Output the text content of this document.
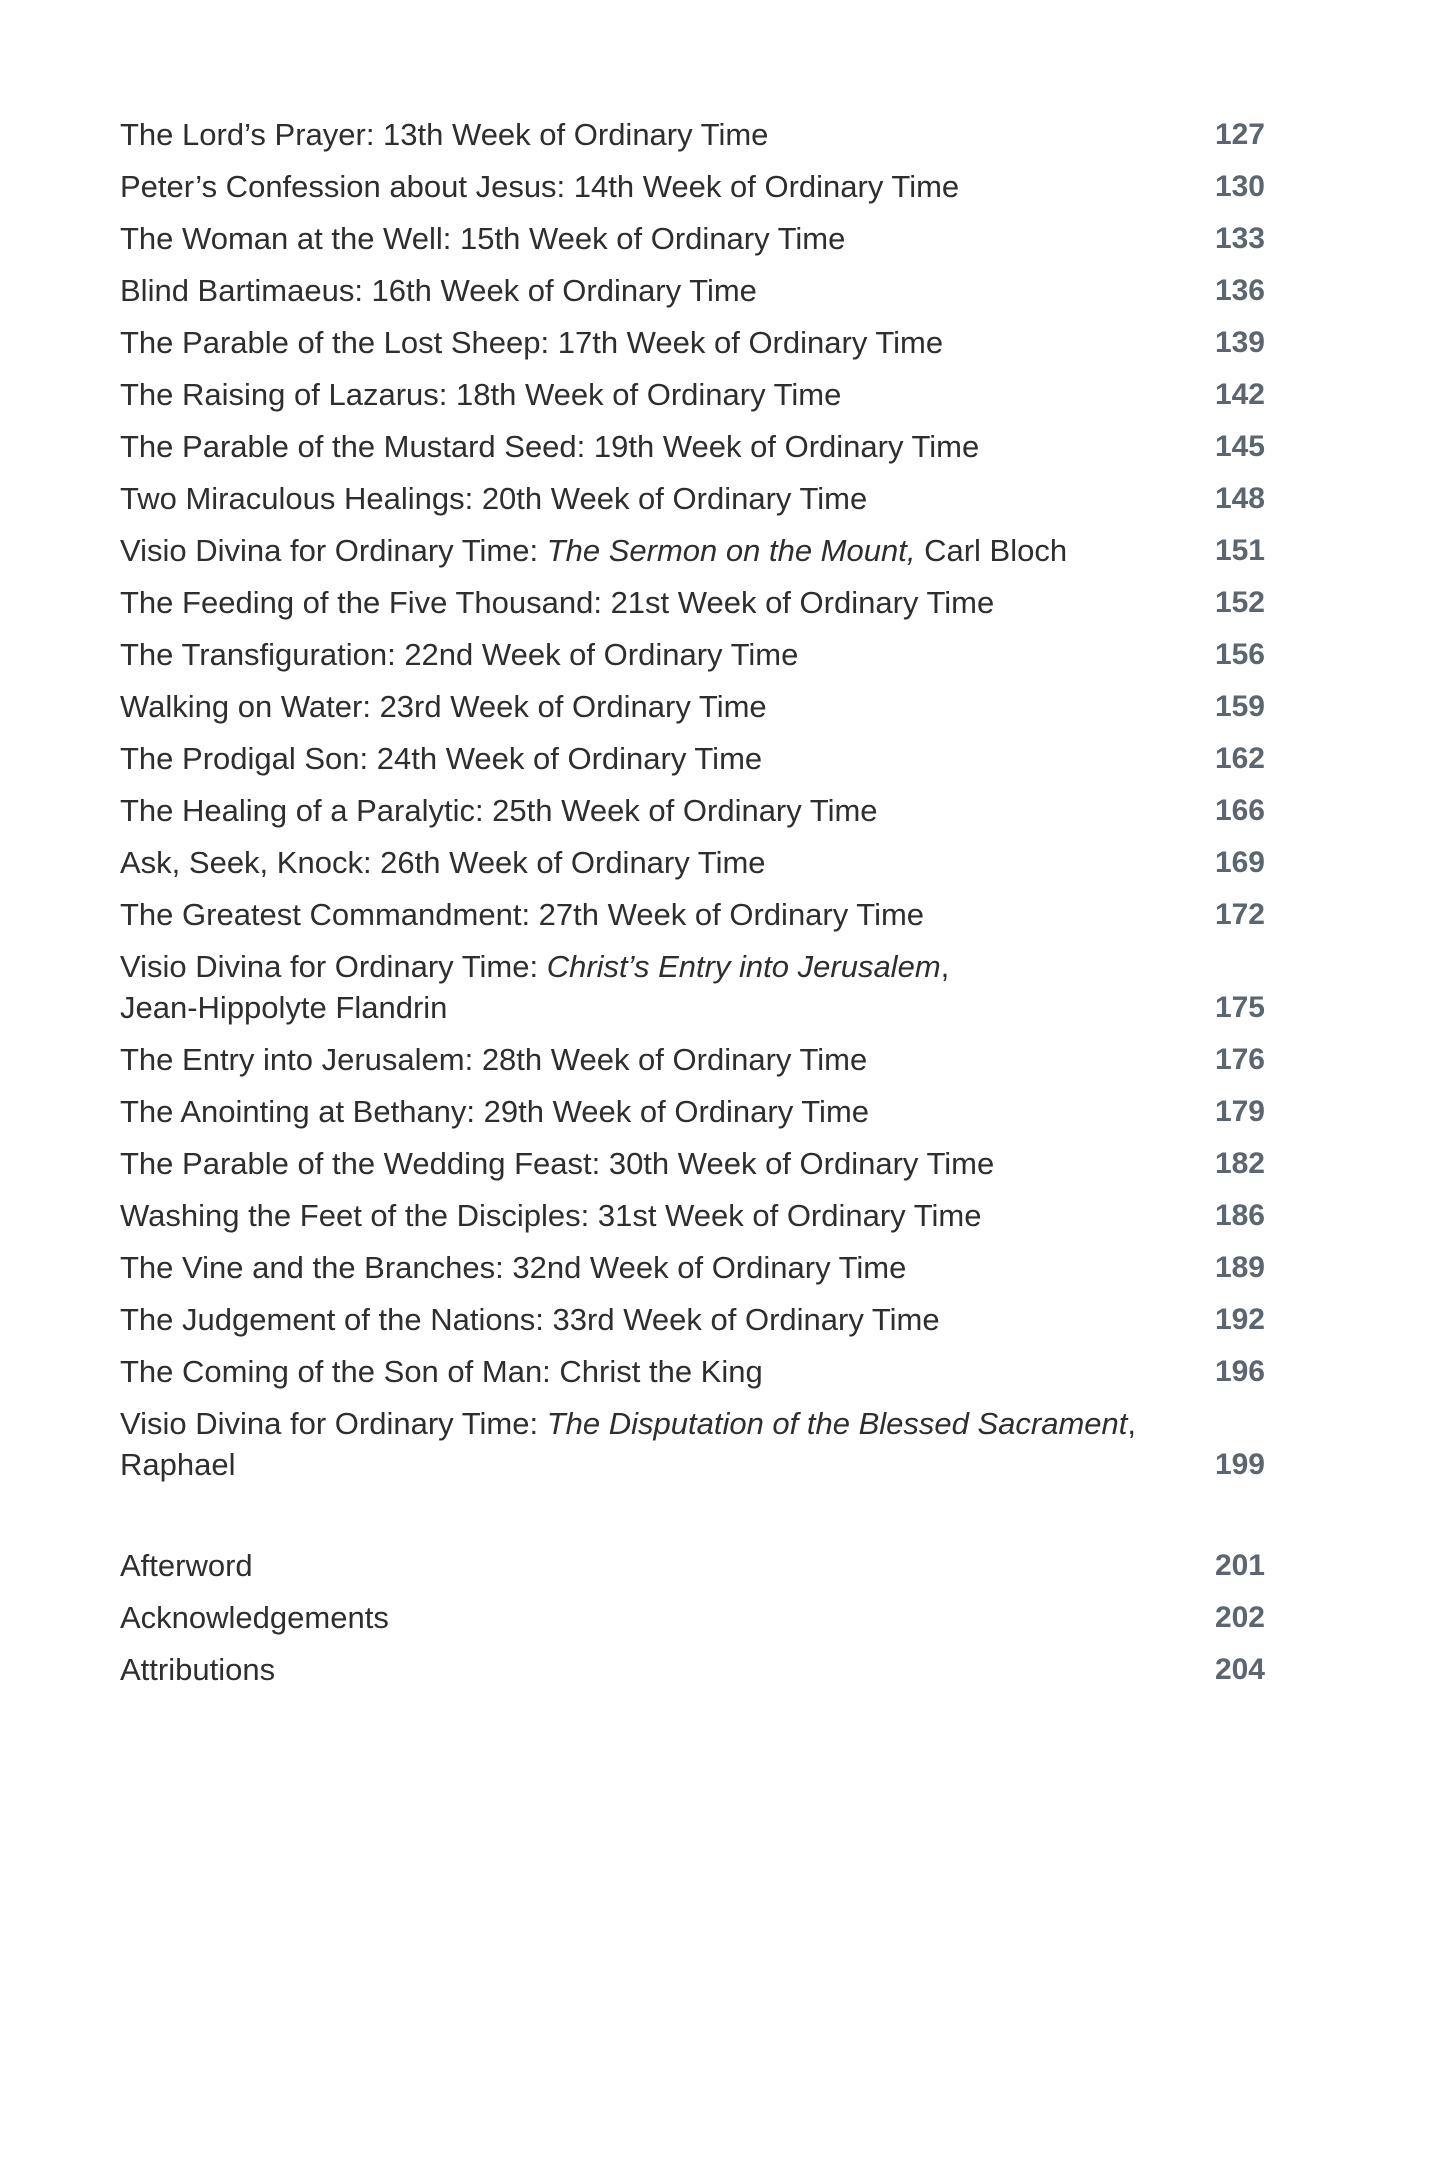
The Lord’s Prayer: 13th Week of Ordinary Time	127
Peter’s Confession about Jesus: 14th Week of Ordinary Time	130
The Woman at the Well: 15th Week of Ordinary Time	133
Blind Bartimaeus: 16th Week of Ordinary Time	136
The Parable of the Lost Sheep: 17th Week of Ordinary Time	139
The Raising of Lazarus: 18th Week of Ordinary Time	142
The Parable of the Mustard Seed: 19th Week of Ordinary Time	145
Two Miraculous Healings: 20th Week of Ordinary Time	148
Visio Divina for Ordinary Time: The Sermon on the Mount, Carl Bloch	151
The Feeding of the Five Thousand: 21st Week of Ordinary Time	152
The Transfiguration: 22nd Week of Ordinary Time	156
Walking on Water: 23rd Week of Ordinary Time	159
The Prodigal Son: 24th Week of Ordinary Time	162
The Healing of a Paralytic: 25th Week of Ordinary Time	166
Ask, Seek, Knock: 26th Week of Ordinary Time	169
The Greatest Commandment: 27th Week of Ordinary Time	172
Visio Divina for Ordinary Time: Christ’s Entry into Jerusalem,
Jean-Hippolyte Flandrin	175
The Entry into Jerusalem: 28th Week of Ordinary Time	176
The Anointing at Bethany: 29th Week of Ordinary Time	179
The Parable of the Wedding Feast: 30th Week of Ordinary Time	182
Washing the Feet of the Disciples: 31st Week of Ordinary Time	186
The Vine and the Branches: 32nd Week of Ordinary Time	189
The Judgement of the Nations: 33rd Week of Ordinary Time	192
The Coming of the Son of Man: Christ the King	196
Visio Divina for Ordinary Time: The Disputation of the Blessed Sacrament,
Raphael	199
Afterword	201
Acknowledgements	202
Attributions	204
